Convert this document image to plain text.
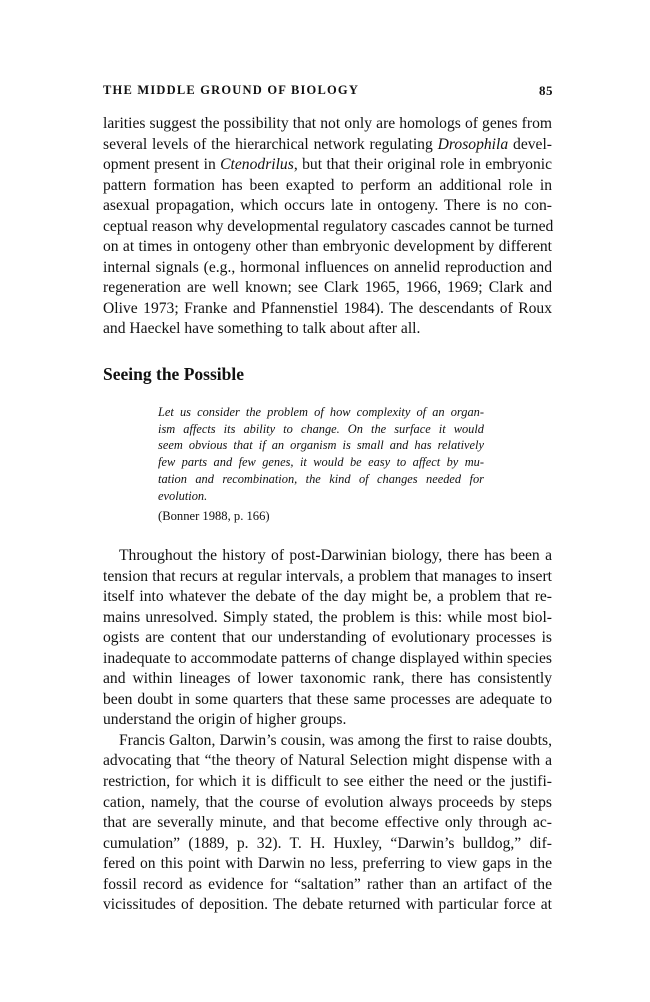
THE MIDDLE GROUND OF BIOLOGY	85
larities suggest the possibility that not only are homologs of genes from
several levels of the hierarchical network regulating Drosophila devel-
opment present in Ctenodrilus, but that their original role in embryonic
pattern formation has been exapted to perform an additional role in
asexual propagation, which occurs late in ontogeny. There is no con-
ceptual reason why developmental regulatory cascades cannot be turned
on at times in ontogeny other than embryonic development by different
internal signals (e.g., hormonal influences on annelid reproduction and
regeneration are well known; see Clark 1965, 1966, 1969; Clark and
Olive 1973; Franke and Pfannenstiel 1984). The descendants of Roux
and Haeckel have something to talk about after all.
Seeing the Possible
Let us consider the problem of how complexity of an organ-
ism affects its ability to change. On the surface it would
seem obvious that if an organism is small and has relatively
few parts and few genes, it would be easy to affect by mu-
tation and recombination, the kind of changes needed for
evolution.
(Bonner 1988, p. 166)
Throughout the history of post-Darwinian biology, there has been a
tension that recurs at regular intervals, a problem that manages to insert
itself into whatever the debate of the day might be, a problem that re-
mains unresolved. Simply stated, the problem is this: while most biol-
ogists are content that our understanding of evolutionary processes is
inadequate to accommodate patterns of change displayed within species
and within lineages of lower taxonomic rank, there has consistently
been doubt in some quarters that these same processes are adequate to
understand the origin of higher groups.
Francis Galton, Darwin’s cousin, was among the first to raise doubts,
advocating that “the theory of Natural Selection might dispense with a
restriction, for which it is difficult to see either the need or the justifi-
cation, namely, that the course of evolution always proceeds by steps
that are severally minute, and that become effective only through ac-
cumulation” (1889, p. 32). T. H. Huxley, “Darwin’s bulldog,” dif-
fered on this point with Darwin no less, preferring to view gaps in the
fossil record as evidence for “saltation” rather than an artifact of the
vicissitudes of deposition. The debate returned with particular force at
